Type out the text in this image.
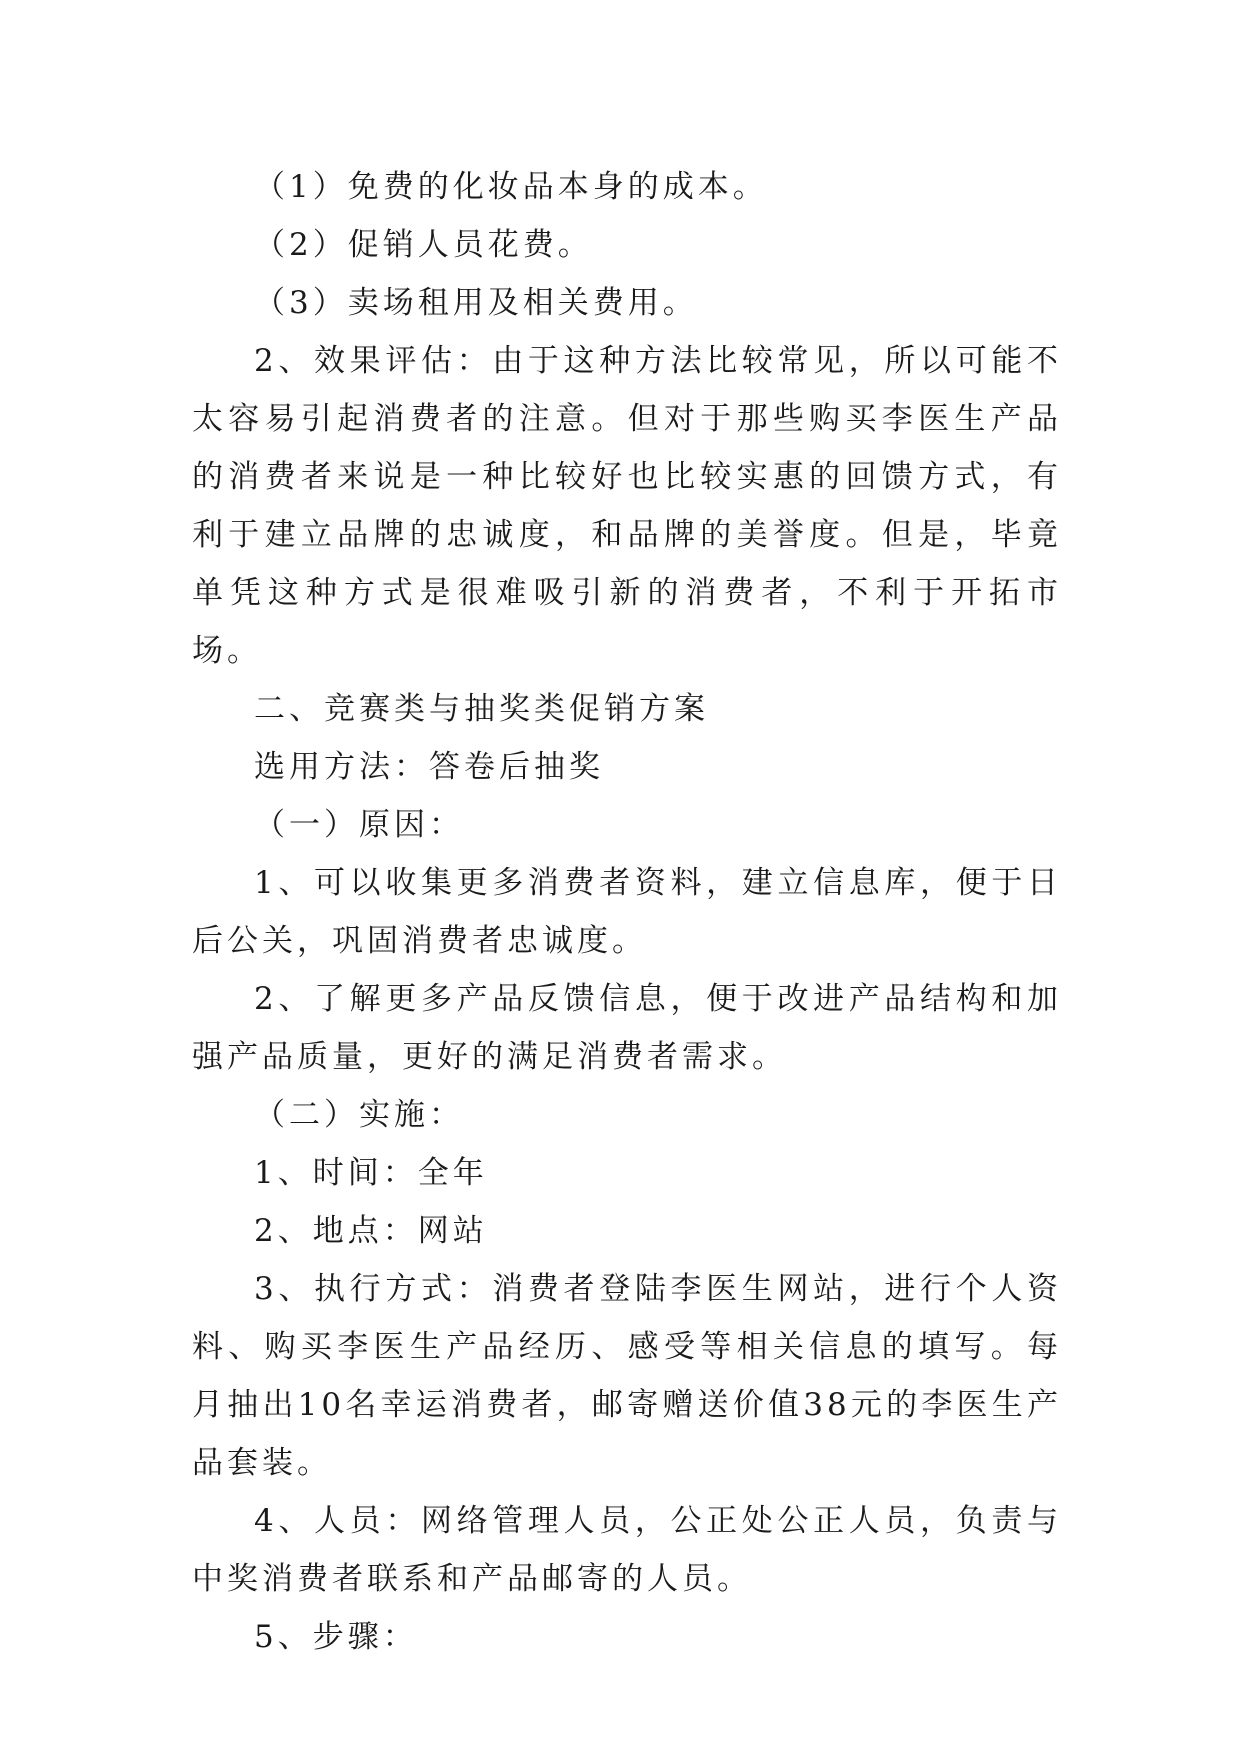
（1）免费的化妆品本身的成本。

（2）促销人员花费。

（3）卖场租用及相关费用。

2、效果评估：由于这种方法比较常见，所以可能不太容易引起消费者的注意。但对于那些购买李医生产品的消费者来说是一种比较好也比较实惠的回馈方式，有利于建立品牌的忠诚度，和品牌的美誉度。但是，毕竟单凭这种方式是很难吸引新的消费者，不利于开拓市场。

二、竞赛类与抽奖类促销方案

选用方法：答卷后抽奖

（一）原因：

1、可以收集更多消费者资料，建立信息库，便于日后公关，巩固消费者忠诚度。

2、了解更多产品反馈信息，便于改进产品结构和加强产品质量，更好的满足消费者需求。

（二）实施：

1、时间：全年

2、地点：网站

3、执行方式：消费者登陆李医生网站，进行个人资料、购买李医生产品经历、感受等相关信息的填写。每月抽出10名幸运消费者，邮寄赠送价值38元的李医生产品套装。

4、人员：网络管理人员，公正处公正人员，负责与中奖消费者联系和产品邮寄的人员。

5、步骤：
